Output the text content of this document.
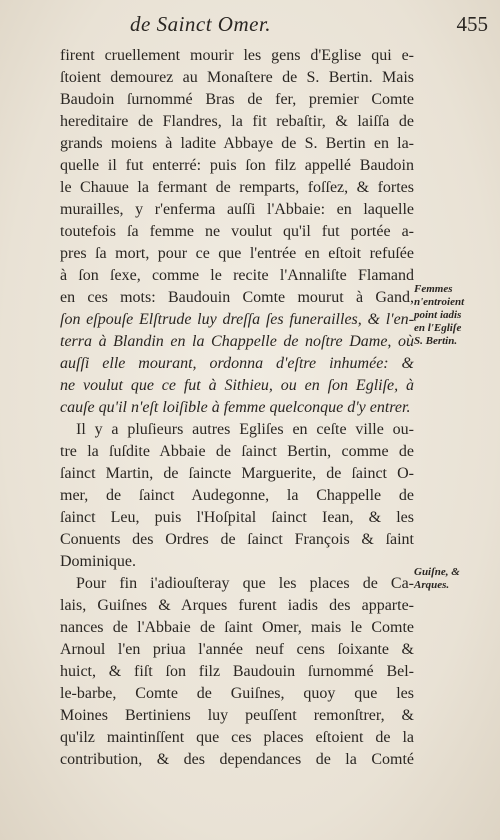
de Sainct Omer.	455
firent cruellement mourir les gens d'Eglise qui e-
ſtoient demourez au Monaſtere de S. Bertin. Mais
Baudoin ſurnommé Bras de fer, premier Comte
hereditaire de Flandres, la fit rebaſtir, & laiſſa de
grands moiens à ladite Abbaye de S. Bertin en la-
quelle il fut enterré: puis ſon filz appellé Baudoin
le Chauue la fermant de remparts, foſſez, & fortes
murailles, y r'enferma auſſi l'Abbaie: en laquelle
toutefois ſa femme ne voulut qu'il fut portée a-
pres ſa mort, pour ce que l'entrée en eſtoit refuſée
à ſon ſexe, comme le recite l'Annaliſte Flamand
en ces mots: Baudouin Comte mourut à Gand,
ſon eſpouſe Elſtrude luy dreſſa ſes funerailles, & l'en-
terra à Blandin en la Chappelle de noſtre Dame, où
auſſi elle mourant, ordonna d'eſtre inhumée: &
ne voulut que ce fut à Sithieu, ou en ſon Egliſe, à
cauſe qu'il n'eſt loiſible à femme quelconque d'y entrer.
Il y a pluſieurs autres Egliſes en ceſte ville ou-
tre la ſuſdite Abbaie de ſainct Bertin, comme de
ſainct Martin, de ſaincte Marguerite, de ſainct O-
mer, de ſainct Audegonne, la Chappelle de
ſainct Leu, puis l'Hoſpital ſainct Iean, & les
Conuents des Ordres de ſainct François & ſaint
Dominique.
Pour fin i'adiouſteray que les places de Ca-
lais, Guiſnes & Arques furent iadis des apparte-
nances de l'Abbaie de ſaint Omer, mais le Comte
Arnoul l'en priua l'année neuf cens ſoixante &
huict, & fiſt ſon filz Baudouin ſurnommé Bel-
le-barbe, Comte de Guiſnes, quoy que les
Moines Bertiniens luy peuſſent remonſtrer, &
qu'ilz maintinſſent que ces places eſtoient de la
contribution, & des dependances de la Comté
Femmes
n'entroient
point iadis
en l'Egliſe
S. Bertin.
Guiſne, &
Arques.
